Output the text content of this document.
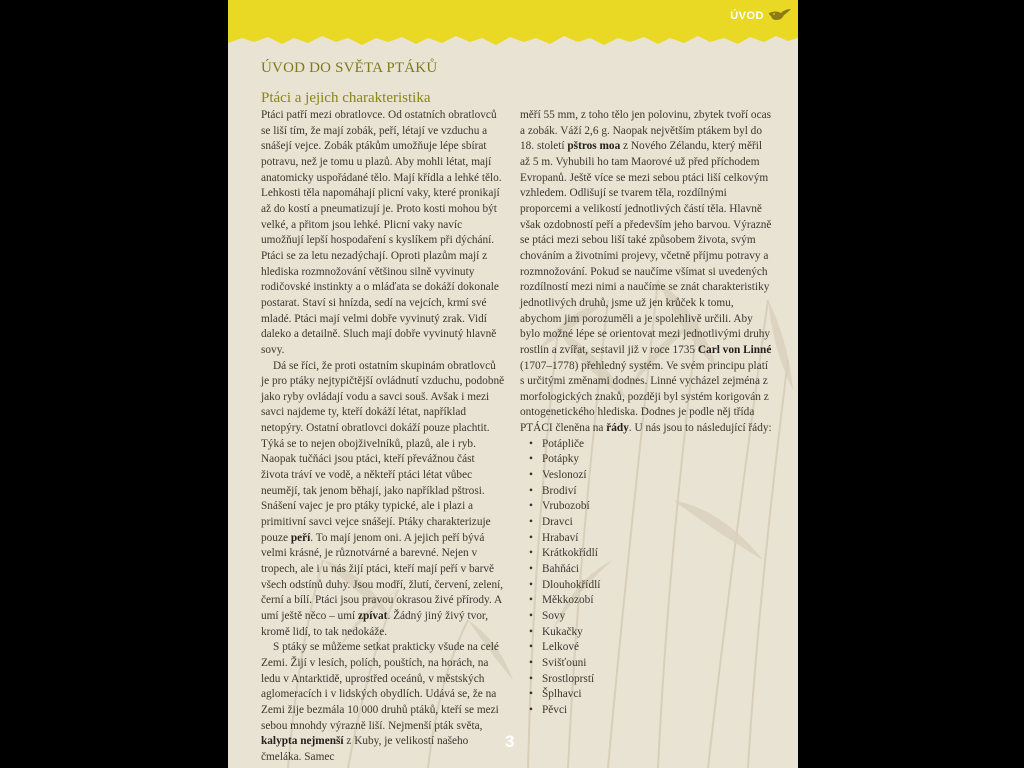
ÚVOD
ÚVOD DO SVĚTA PTÁKŮ
Ptáci a jejich charakteristika

Ptáci patří mezi obratlovce. Od ostatních obratlovců se liší tím, že mají zobák, peří, létají ve vzduchu a snášejí vejce. Zobák ptákům umožňuje lépe sbírat potravu, než je tomu u plazů. Aby mohli létat, mají anatomicky uspořádané tělo. Mají křídla a lehké tělo. Lehkosti těla napomáhají plicní vaky, které pronikají až do kostí a pneumatizují je. Proto kosti mohou být velké, a přitom jsou lehké. Plicní vaky navíc umožňují lepší hospodaření s kyslíkem při dýchání. Ptáci se za letu nezadýchají. Oproti plazům mají z hlediska rozmnožování většinou silně vyvinuty rodičovské instinkty a o mláďata se dokáží dokonale postarat. Staví si hnízda, sedí na vejcích, krmí své mladé. Ptáci mají velmi dobře vyvinutý zrak. Vidí daleko a detailně. Sluch mají dobře vyvinutý hlavně sovy.

Dá se říci, že proti ostatním skupinám obratlovců je pro ptáky nejtypičtější ovládnutí vzduchu, podobně jako ryby ovládají vodu a savci souš. Avšak i mezi savci najdeme ty, kteří dokáží létat, například netopýry. Ostatní obratlovci dokáží pouze plachtit. Týká se to nejen obojživelníků, plazů, ale i ryb. Naopak tučňáci jsou ptáci, kteří převážnou část života tráví ve vodě, a někteří ptáci létat vůbec neumějí, tak jenom běhají, jako například pštrosi. Snášení vajec je pro ptáky typické, ale i plazi a primitivní savci vejce snášejí. Ptáky charakterizuje pouze peří. To mají jenom oni. A jejich peří bývá velmi krásné, je různotvárné a barevné. Nejen v tropech, ale i u nás žijí ptáci, kteří mají peří v barvě všech odstínů duhy. Jsou modří, žlutí, červení, zelení, černí a bílí. Ptáci jsou pravou okrasou živé přírody. A umí ještě něco – umí zpívat. Žádný jiný živý tvor, kromě lidí, to tak nedokáže.

S ptáky se můžeme setkat prakticky všude na celé Zemi. Žijí v lesích, polích, pouštích, na horách, na ledu v Antarktidě, uprostřed oceánů, v městských aglomeracích i v lidských obydlích. Udává se, že na Zemi žije bezmála 10 000 druhů ptáků, kteří se mezi sebou mnohdy výrazně liší. Nejmenší pták světa, kalypta nejmenší z Kuby, je velikostí našeho čmeláka. Samec

měří 55 mm, z toho tělo jen polovinu, zbytek tvoří ocas a zobák. Váží 2,6 g. Naopak největším ptákem byl do 18. století pštros moa z Nového Zélandu, který měřil až 5 m. Vyhubili ho tam Maorové už před příchodem Evropanů. Ještě více se mezi sebou ptáci liší celkovým vzhledem. Odlišují se tvarem těla, rozdílnými proporcemi a velikostí jednotlivých částí těla. Hlavně však ozdobností peří a především jeho barvou. Výrazně se ptáci mezi sebou liší také způsobem života, svým chováním a životními projevy, včetně příjmu potravy a rozmnožování. Pokud se naučíme všímat si uvedených rozdílností mezi nimi a naučíme se znát charakteristiky jednotlivých druhů, jsme už jen krůček k tomu, abychom jim porozuměli a je spolehlivě určili. Aby bylo možné lépe se orientovat mezi jednotlivými druhy rostlin a zvířat, sestavil již v roce 1735 Carl von Linné (1707–1778) přehledný systém. Ve svém principu platí s určitými změnami dodnes. Linné vycházel zejména z morfologických znaků, později byl systém korigován z ontogenetického hlediska. Dodnes je podle něj třída PTÁCI členěna na řády. U nás jsou to následující řády:

• Potápliče
• Potápky
• Veslonozí
• Brodiví
• Vrubozobí
• Dravci
• Hrabaví
• Krátkokřídlí
• Bahňáci
• Dlouhokřídlí
• Měkkozobí
• Sovy
• Kukačky
• Lelkové
• Svišťouni
• Srostloprstí
• Šplhavci
• Pěvci
3
